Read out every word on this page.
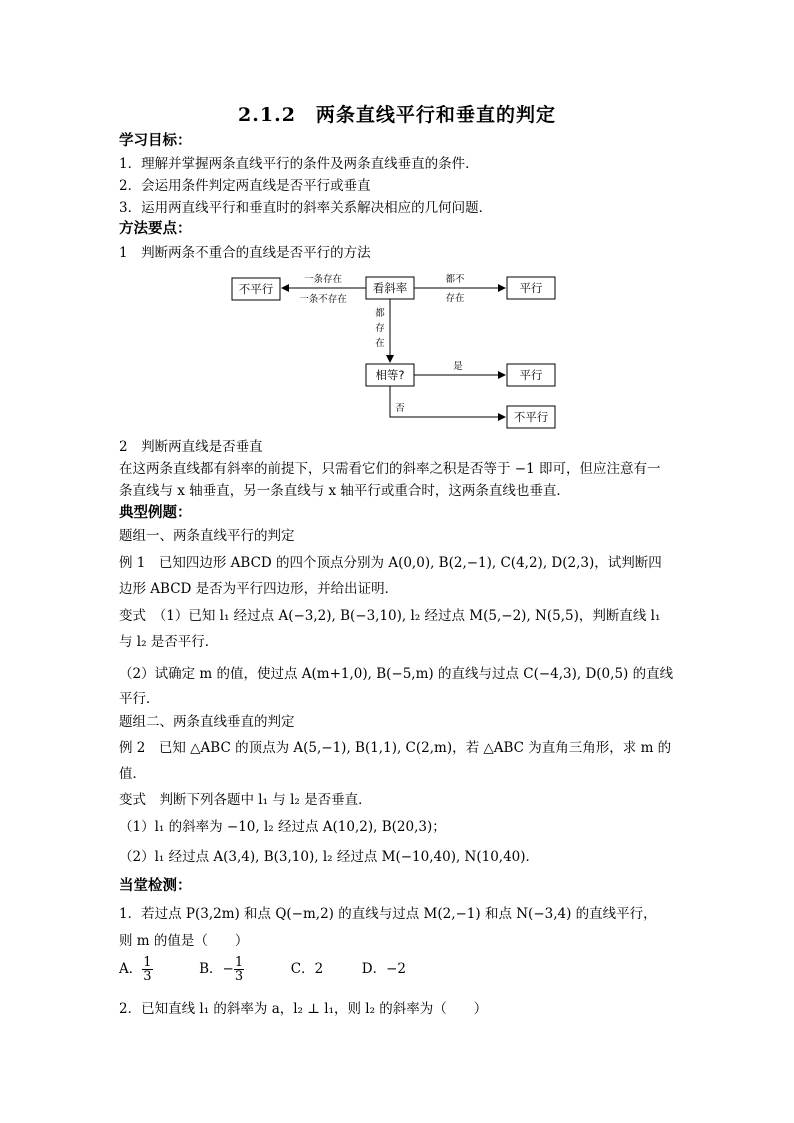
2.1.2　两条直线平行和垂直的判定
学习目标：
1．理解并掌握两条直线平行的条件及两条直线垂直的条件．
2．会运用条件判定两直线是否平行或垂直
3．运用两直线平行和垂直时的斜率关系解决相应的几何问题．
方法要点：
1　判断两条不重合的直线是否平行的方法
不平行	看斜率	平行
一条存在
一条不存在
都不
存在
都
存
在
相等?	平行
是
否
不平行
2　判断两直线是否垂直
在这两条直线都有斜率的前提下，只需看它们的斜率之积是否等于 −1 即可，但应注意有一
条直线与 x 轴垂直，另一条直线与 x 轴平行或重合时，这两条直线也垂直．
典型例题：
题组一、两条直线平行的判定
例 1　已知四边形 ABCD 的四个顶点分别为 A(0,0), B(2,−1), C(4,2), D(2,3)，试判断四
边形 ABCD 是否为平行四边形，并给出证明．
变式　（1）已知 l₁ 经过点 A(−3,2), B(−3,10), l₂ 经过点 M(5,−2), N(5,5)，判断直线 l₁
与 l₂ 是否平行．
（2）试确定 m 的值，使过点 A(m+1,0), B(−5,m) 的直线与过点 C(−4,3), D(0,5) 的直线
平行．
题组二、两条直线垂直的判定
例 2　已知 △ABC 的顶点为 A(5,−1), B(1,1), C(2,m)，若 △ABC 为直角三角形，求 m 的
值．
变式　判断下列各题中 l₁ 与 l₂ 是否垂直．
（1）l₁ 的斜率为 −10, l₂ 经过点 A(10,2), B(20,3)；
（2）l₁ 经过点 A(3,4), B(3,10), l₂ 经过点 M(−10,40), N(10,40)．
当堂检测：
1．若过点 P(3,2m) 和点 Q(−m,2) 的直线与过点 M(2,−1) 和点 N(−3,4) 的直线平行，
则 m 的值是（　　）
A． $\frac{1}{3}$	B．− $\frac{1}{3}$	C．2	D．−2
2．已知直线 l₁ 的斜率为 a，l₂ ⊥ l₁，则 l₂ 的斜率为（　　）
